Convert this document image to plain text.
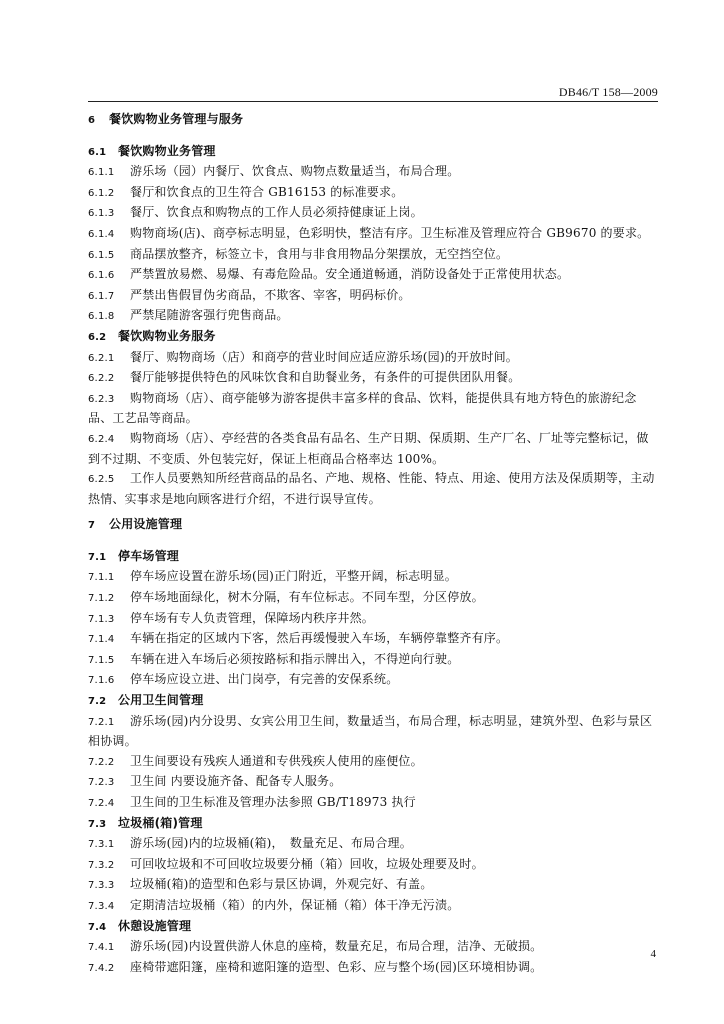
DB46/T 158—2009
6 餐饮购物业务管理与服务
6.1 餐饮购物业务管理
6.1.1 游乐场（园）内餐厅、饮食点、购物点数量适当，布局合理。
6.1.2 餐厅和饮食点的卫生符合 GB16153 的标准要求。
6.1.3 餐厅、饮食点和购物点的工作人员必须持健康证上岗。
6.1.4 购物商场(店)、商亭标志明显，色彩明快，整洁有序。卫生标准及管理应符合 GB9670 的要求。
6.1.5 商品摆放整齐，标签立卡，食用与非食用物品分架摆放，无空挡空位。
6.1.6 严禁置放易燃、易爆、有毒危险品。安全通道畅通，消防设备处于正常使用状态。
6.1.7 严禁出售假冒伪劣商品，不欺客、宰客，明码标价。
6.1.8 严禁尾随游客强行兜售商品。
6.2 餐饮购物业务服务
6.2.1 餐厅、购物商场（店）和商亭的营业时间应适应游乐场(园)的开放时间。
6.2.2 餐厅能够提供特色的风味饮食和自助餐业务，有条件的可提供团队用餐。
6.2.3 购物商场（店）、商亭能够为游客提供丰富多样的食品、饮料，能提供具有地方特色的旅游纪念品、工艺品等商品。
6.2.4 购物商场（店）、亭经营的各类食品有品名、生产日期、保质期、生产厂名、厂址等完整标记，做到不过期、不变质、外包装完好，保证上柜商品合格率达 100%。
6.2.5 工作人员要熟知所经营商品的品名、产地、规格、性能、特点、用途、使用方法及保质期等，主动热情、实事求是地向顾客进行介绍，不进行误导宣传。
7 公用设施管理
7.1 停车场管理
7.1.1 停车场应设置在游乐场(园)正门附近，平整开阔，标志明显。
7.1.2 停车场地面绿化，树木分隔，有车位标志。不同车型，分区停放。
7.1.3 停车场有专人负责管理，保障场内秩序井然。
7.1.4 车辆在指定的区域内下客，然后再缓慢驶入车场，车辆停靠整齐有序。
7.1.5 车辆在进入车场后必须按路标和指示牌出入，不得逆向行驶。
7.1.6 停车场应设立进、出门岗亭，有完善的安保系统。
7.2 公用卫生间管理
7.2.1 游乐场(园)内分设男、女宾公用卫生间，数量适当，布局合理，标志明显，建筑外型、色彩与景区相协调。
7.2.2 卫生间要设有残疾人通道和专供残疾人使用的座便位。
7.2.3 卫生间 内要设施齐备、配备专人服务。
7.2.4 卫生间的卫生标准及管理办法参照 GB/T18973 执行
7.3 垃圾桶(箱)管理
7.3.1 游乐场(园)内的垃圾桶(箱)，　数量充足、布局合理。
7.3.2 可回收垃圾和不可回收垃圾要分桶（箱）回收，垃圾处理要及时。
7.3.3 垃圾桶(箱)的造型和色彩与景区协调，外观完好、有盖。
7.3.4 定期清洁垃圾桶（箱）的内外，保证桶（箱）体干净无污渍。
7.4 休憩设施管理
7.4.1 游乐场(园)内设置供游人休息的座椅，数量充足，布局合理，洁净、无破损。
7.4.2 座椅带遮阳篷，座椅和遮阳篷的造型、色彩、应与整个场(园)区环境相协调。
4
